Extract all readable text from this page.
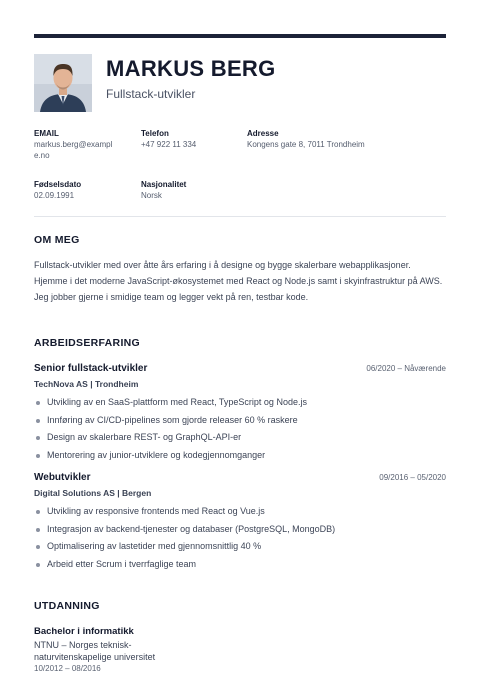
MARKUS BERG
Fullstack-utvikler
EMAIL
markus.berg@exampl
e.no
Telefon
+47 922 11 334
Adresse
Kongens gate 8, 7011 Trondheim
Fødselsdato
02.09.1991
Nasjonalitet
Norsk
OM MEG
Fullstack-utvikler med over åtte års erfaring i å designe og bygge skalerbare webapplikasjoner. Hjemme i det moderne JavaScript-økosystemet med React og Node.js samt i skyinfrastruktur på AWS. Jeg jobber gjerne i smidige team og legger vekt på ren, testbar kode.
ARBEIDSERFARING
Senior fullstack-utvikler	06/2020 – Nåværende
TechNova AS | Trondheim
Utvikling av en SaaS-plattform med React, TypeScript og Node.js
Innføring av CI/CD-pipelines som gjorde releaser 60 % raskere
Design av skalerbare REST- og GraphQL-API-er
Mentorering av junior-utviklere og kodegjennomganger
Webutvikler	09/2016 – 05/2020
Digital Solutions AS | Bergen
Utvikling av responsive frontends med React og Vue.js
Integrasjon av backend-tjenester og databaser (PostgreSQL, MongoDB)
Optimalisering av lastetider med gjennomsnittlig 40 %
Arbeid etter Scrum i tverrfaglige team
UTDANNING
Bachelor i informatikk
NTNU – Norges teknisk-
naturvitenskapelige universitet
10/2012 – 08/2016
